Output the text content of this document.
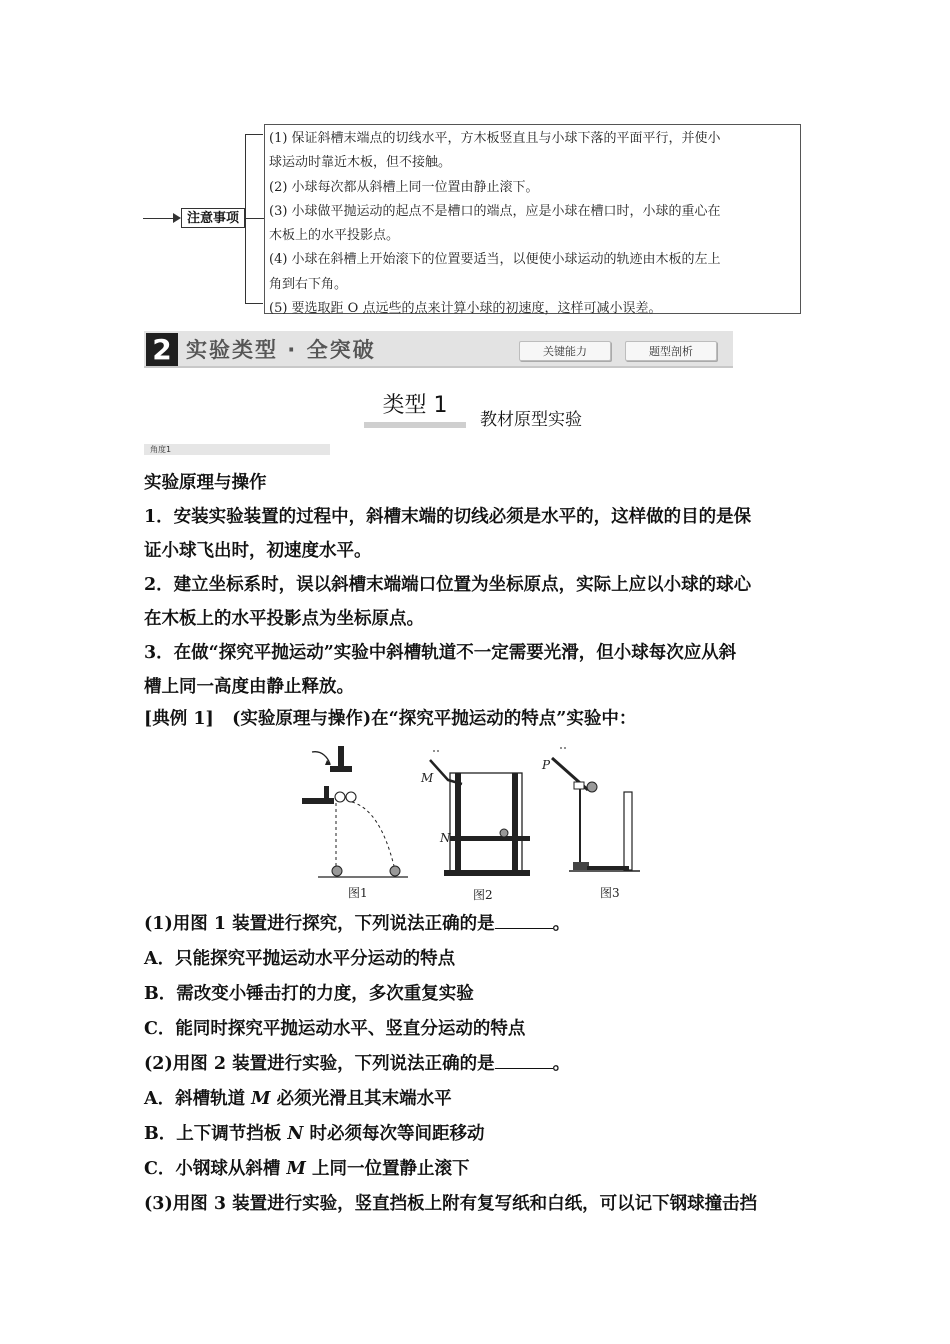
注意事项

(1) 保证斜槽末端点的切线水平，方木板竖直且与小球下落的平面平行，并使小

球运动时靠近木板，但不接触。

(2) 小球每次都从斜槽上同一位置由静止滚下。

(3) 小球做平抛运动的起点不是槽口的端点，应是小球在槽口时，小球的重心在

木板上的水平投影点。

(4) 小球在斜槽上开始滚下的位置要适当，以便使小球运动的轨迹由木板的左上

角到右下角。

(5) 要选取距 O 点远些的点来计算小球的初速度，这样可减小误差。

2 实验类型 · 全突破	关键能力	题型剖析
类型 1
教材原型实验
角度1
实验原理与操作
1．安装实验装置的过程中，斜槽末端的切线必须是水平的，这样做的目的是保
证小球飞出时，初速度水平。
2．建立坐标系时，误以斜槽末端端口位置为坐标原点，实际上应以小球的球心
在木板上的水平投影点为坐标原点。
3．在做“探究平抛运动”实验中斜槽轨道不一定需要光滑，但小球每次应从斜
槽上同一高度由静止释放。
[典例 1] (实验原理与操作)在“探究平抛运动的特点”实验中：
M
N
P
图1	图2	图3
(1)用图 1 装置进行探究，下列说法正确的是	。
A．只能探究平抛运动水平分运动的特点
B．需改变小锤击打的力度，多次重复实验
C．能同时探究平抛运动水平、竖直分运动的特点
(2)用图 2 装置进行实验，下列说法正确的是	。
A．斜槽轨道 M 必须光滑且其末端水平
B．上下调节挡板 N 时必须每次等间距移动
C．小钢球从斜槽 M 上同一位置静止滚下
(3)用图 3 装置进行实验，竖直挡板上附有复写纸和白纸，可以记下钢球撞击挡
